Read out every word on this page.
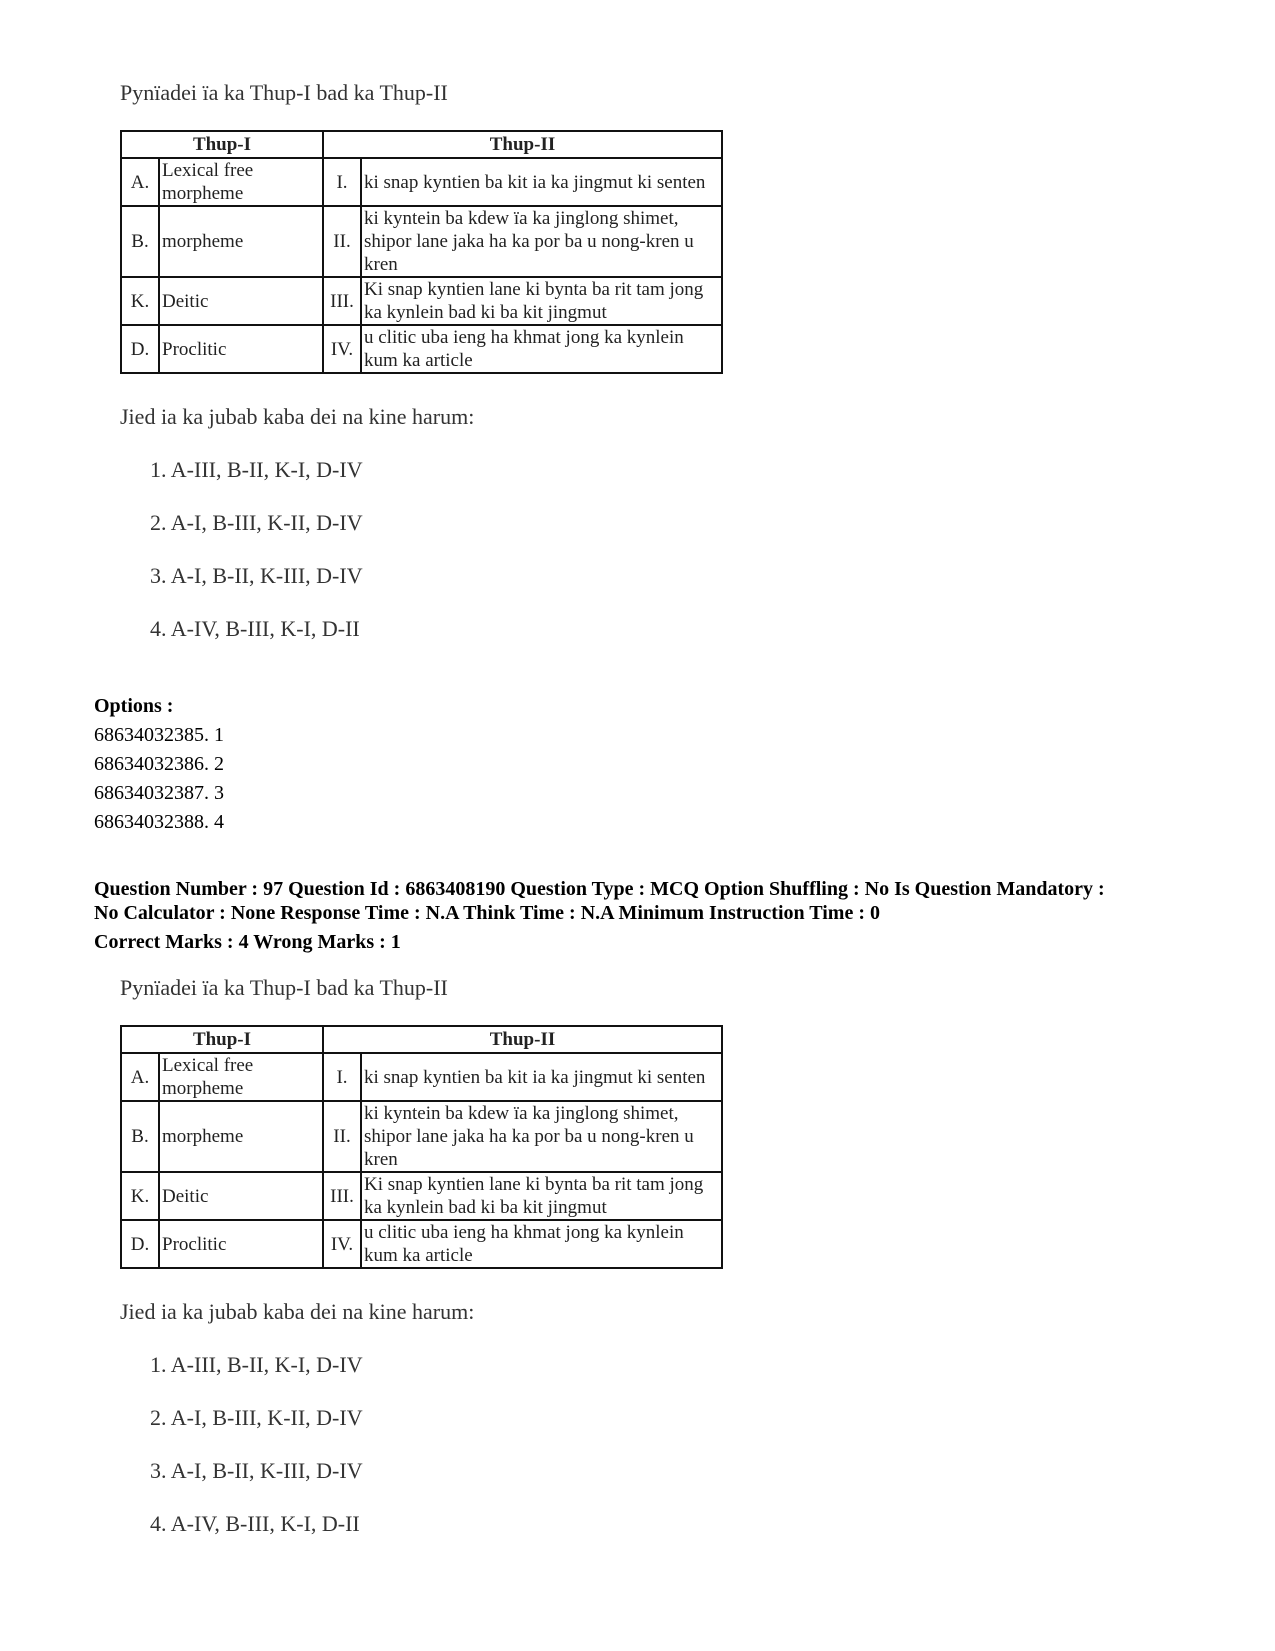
Pynïadei ïa ka Thup-I bad ka Thup-II
Thup-I		Thup-II	
A.	Lexical free morpheme	I.	ki snap kyntien ba kit ia ka jingmut ki senten
B.	morpheme	II.	ki kyntein ba kdew ïa ka jinglong shimet, shipor lane jaka ha ka por ba u nong-kren u kren
K.	Deitic	III.	Ki snap kyntien lane ki bynta ba rit tam jong ka kynlein bad ki ba kit jingmut
D.	Proclitic	IV.	u clitic uba ieng ha khmat jong ka kynlein kum ka article
Jied ia ka jubab kaba dei na kine harum:
1. A-III, B-II, K-I, D-IV
2. A-I, B-III, K-II, D-IV
3. A-I, B-II, K-III, D-IV
4. A-IV, B-III, K-I, D-II
Options :
68634032385. 1
68634032386. 2
68634032387. 3
68634032388. 4
Question Number : 97 Question Id : 6863408190 Question Type : MCQ Option Shuffling : No Is Question Mandatory :
No Calculator : None Response Time : N.A Think Time : N.A Minimum Instruction Time : 0
Correct Marks : 4 Wrong Marks : 1
Pynïadei ïa ka Thup-I bad ka Thup-II
Thup-I		Thup-II	
A.	Lexical free morpheme	I.	ki snap kyntien ba kit ia ka jingmut ki senten
B.	morpheme	II.	ki kyntein ba kdew ïa ka jinglong shimet, shipor lane jaka ha ka por ba u nong-kren u kren
K.	Deitic	III.	Ki snap kyntien lane ki bynta ba rit tam jong ka kynlein bad ki ba kit jingmut
D.	Proclitic	IV.	u clitic uba ieng ha khmat jong ka kynlein kum ka article
Jied ia ka jubab kaba dei na kine harum:
1. A-III, B-II, K-I, D-IV
2. A-I, B-III, K-II, D-IV
3. A-I, B-II, K-III, D-IV
4. A-IV, B-III, K-I, D-II
